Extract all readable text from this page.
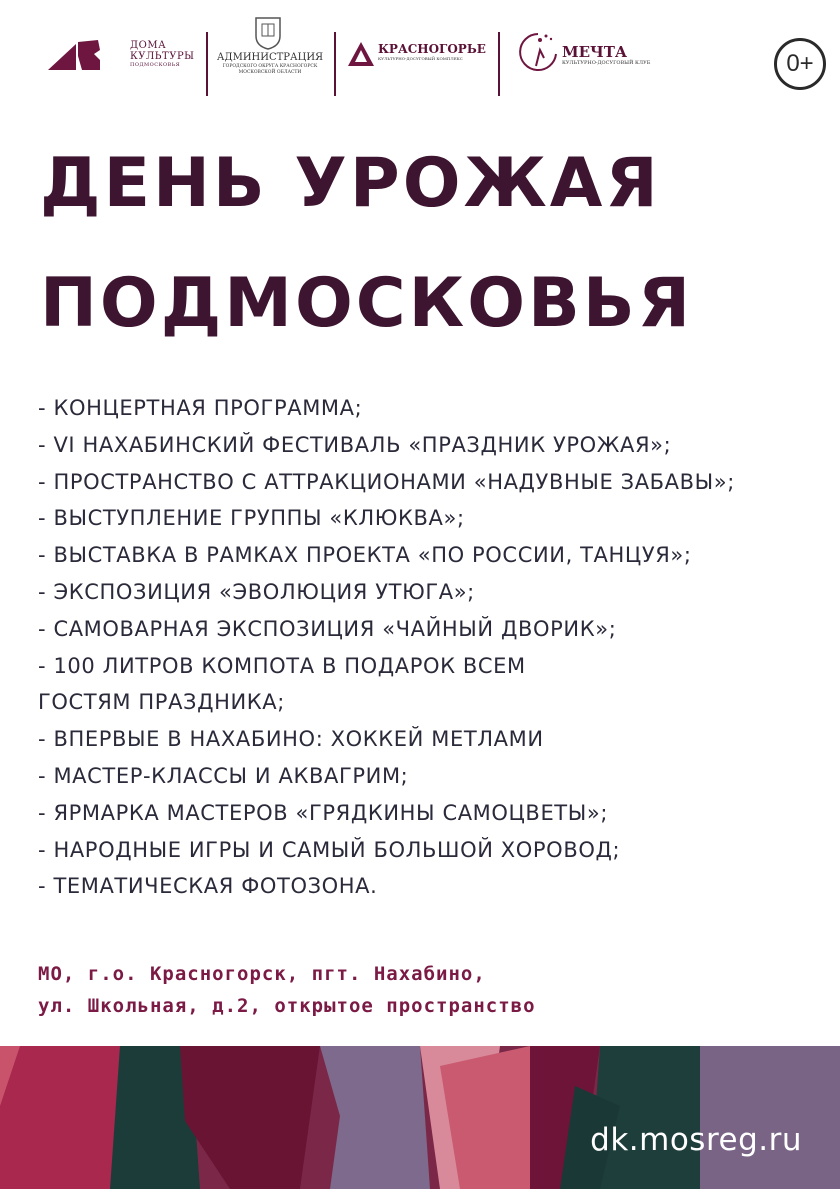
ДОМА
КУЛЬТУРЫ
ПОДМОСКОВЬЯ
АДМИНИСТРАЦИЯ
ГОРОДСКОГО ОКРУГА КРАСНОГОРСК
МОСКОВСКОЙ ОБЛАСТИ
КРАСНОГОРЬЕ
КУЛЬТУРНО-ДОСУГОВЫЙ КОМПЛЕКС	МЕЧТА
КУЛЬТУРНО-ДОСУГОВЫЙ КЛУБ	0+
ДЕНЬ УРОЖАЯ
ПОДМОСКОВЬЯ
- КОНЦЕРТНАЯ ПРОГРАММА;
- VI НАХАБИНСКИЙ ФЕСТИВАЛЬ «ПРАЗДНИК УРОЖАЯ»;
- ПРОСТРАНСТВО С АТТРАКЦИОНАМИ «НАДУВНЫЕ ЗАБАВЫ»;
- ВЫСТУПЛЕНИЕ ГРУППЫ «КЛЮКВА»;
- ВЫСТАВКА В РАМКАХ ПРОЕКТА «ПО РОССИИ, ТАНЦУЯ»;
- ЭКСПОЗИЦИЯ «ЭВОЛЮЦИЯ УТЮГА»;
- САМОВАРНАЯ ЭКСПОЗИЦИЯ «ЧАЙНЫЙ ДВОРИК»;
- 100 ЛИТРОВ КОМПОТА В ПОДАРОК ВСЕМ
ГОСТЯМ ПРАЗДНИКА;
- ВПЕРВЫЕ В НАХАБИНО: ХОККЕЙ МЕТЛАМИ
- МАСТЕР-КЛАССЫ И АКВАГРИМ;
- ЯРМАРКА МАСТЕРОВ «ГРЯДКИНЫ САМОЦВЕТЫ»;
- НАРОДНЫЕ ИГРЫ И САМЫЙ БОЛЬШОЙ ХОРОВОД;
- ТЕМАТИЧЕСКАЯ ФОТОЗОНА.
МО, г.о. Красногорск, пгт. Нахабино,
ул. Школьная, д.2, открытое пространство
dk.mosreg.ru
